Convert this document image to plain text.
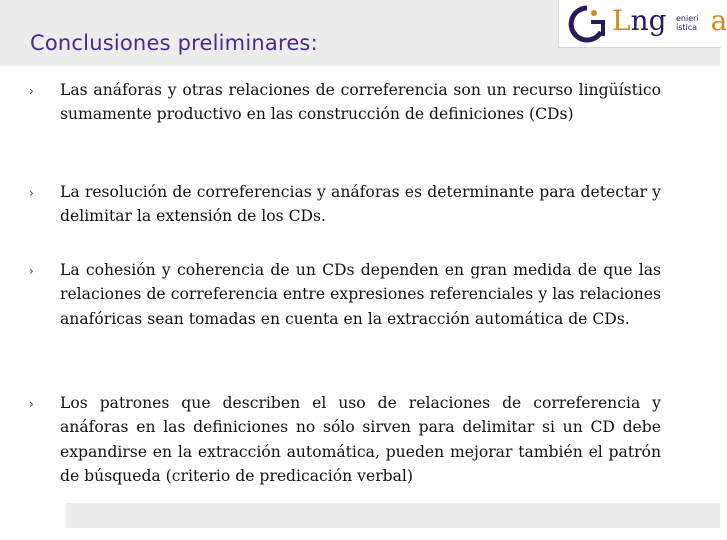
Conclusiones preliminares:
Lng a
enieri
ística
› Las anáforas y otras relaciones de correferencia son un recurso lingüístico sumamente productivo en las construcción de definiciones (CDs)

› La resolución de correferencias y anáforas es determinante para detectar y delimitar la extensión de los CDs.

› La cohesión y coherencia de un CDs dependen en gran medida de que las relaciones de correferencia entre expresiones referenciales y las relaciones anafóricas sean tomadas en cuenta en la extracción automática de CDs.

› Los patrones que describen el uso de relaciones de correferencia y anáforas en las definiciones no sólo sirven para delimitar si un CD debe expandirse en la extracción automática, pueden mejorar también el patrón de búsqueda (criterio de predicación verbal)
